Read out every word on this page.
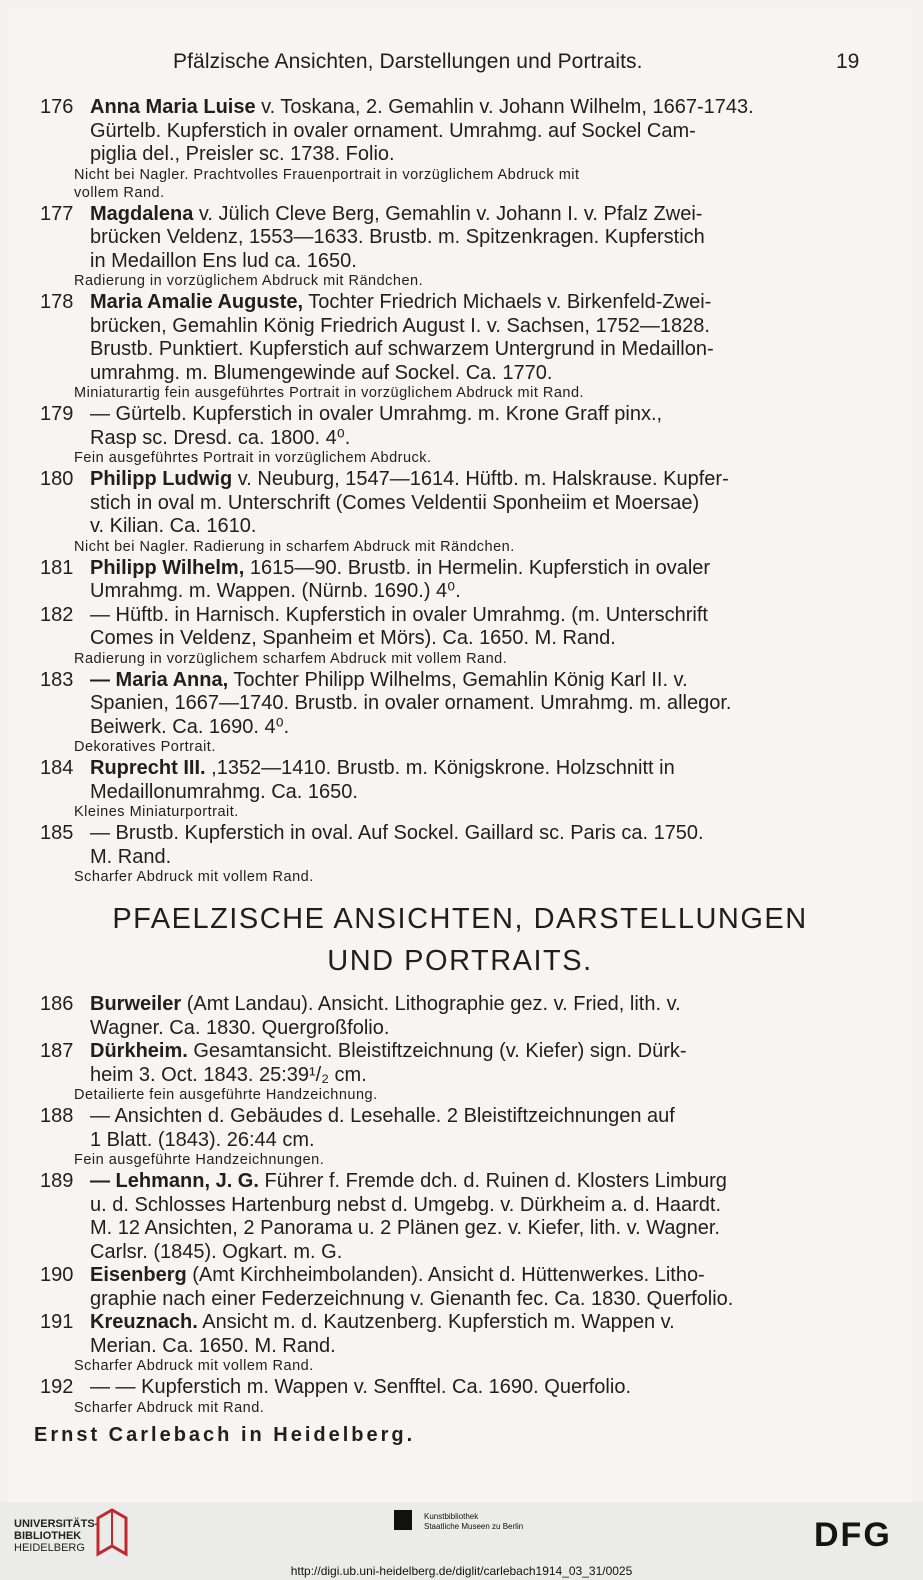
Pfälzische Ansichten, Darstellungen und Portraits.	19
176 Anna Maria Luise v. Toskana, 2. Gemahlin v. Johann Wilhelm, 1667-1743.
Gürtelb. Kupferstich in ovaler ornament. Umrahmg. auf Sockel Cam-
piglia del., Preisler sc. 1738. Folio.
Nicht bei Nagler. Prachtvolles Frauenportrait in vorzüglichem Abdruck mit
vollem Rand.
177 Magdalena v. Jülich Cleve Berg, Gemahlin v. Johann I. v. Pfalz Zwei-
brücken Veldenz, 1553—1633. Brustb. m. Spitzenkragen. Kupferstich
in Medaillon Ens lud ca. 1650.
Radierung in vorzüglichem Abdruck mit Rändchen.
178 Maria Amalie Auguste, Tochter Friedrich Michaels v. Birkenfeld-Zwei-
brücken, Gemahlin König Friedrich August I. v. Sachsen, 1752—1828.
Brustb. Punktiert. Kupferstich auf schwarzem Untergrund in Medaillon-
umrahmg. m. Blumengewinde auf Sockel. Ca. 1770.
Miniaturartig fein ausgeführtes Portrait in vorzüglichem Abdruck mit Rand.
179 — Gürtelb. Kupferstich in ovaler Umrahmg. m. Krone Graff pinx.,
Rasp sc. Dresd. ca. 1800. 4⁰.
Fein ausgeführtes Portrait in vorzüglichem Abdruck.
180 Philipp Ludwig v. Neuburg, 1547—1614. Hüftb. m. Halskrause. Kupfer-
stich in oval m. Unterschrift (Comes Veldentii Sponheiim et Moersae)
v. Kilian. Ca. 1610.
Nicht bei Nagler. Radierung in scharfem Abdruck mit Rändchen.
181 Philipp Wilhelm, 1615—90. Brustb. in Hermelin. Kupferstich in ovaler
Umrahmg. m. Wappen. (Nürnb. 1690.) 4⁰.
182 — Hüftb. in Harnisch. Kupferstich in ovaler Umrahmg. (m. Unterschrift
Comes in Veldenz, Spanheim et Mörs). Ca. 1650. M. Rand.
Radierung in vorzüglichem scharfem Abdruck mit vollem Rand.
183 — Maria Anna, Tochter Philipp Wilhelms, Gemahlin König Karl II. v.
Spanien, 1667—1740. Brustb. in ovaler ornament. Umrahmg. m. allegor.
Beiwerk. Ca. 1690. 4⁰.
Dekoratives Portrait.
184 Ruprecht III. ,1352—1410. Brustb. m. Königskrone. Holzschnitt in
Medaillonumrahmg. Ca. 1650.
Kleines Miniaturportrait.
185 — Brustb. Kupferstich in oval. Auf Sockel. Gaillard sc. Paris ca. 1750.
M. Rand.
Scharfer Abdruck mit vollem Rand.
PFAELZISCHE ANSICHTEN, DARSTELLUNGEN
UND PORTRAITS.
186 Burweiler (Amt Landau). Ansicht. Lithographie gez. v. Fried, lith. v.
Wagner. Ca. 1830. Quergroßfolio.
187 Dürkheim. Gesamtansicht. Bleistiftzeichnung (v. Kiefer) sign. Dürk-
heim 3. Oct. 1843. 25:39¹/₂ cm.
Detailierte fein ausgeführte Handzeichnung.
188 — Ansichten d. Gebäudes d. Lesehalle. 2 Bleistiftzeichnungen auf
1 Blatt. (1843). 26:44 cm.
Fein ausgeführte Handzeichnungen.
189 — Lehmann, J. G. Führer f. Fremde dch. d. Ruinen d. Klosters Limburg
u. d. Schlosses Hartenburg nebst d. Umgebg. v. Dürkheim a. d. Haardt.
M. 12 Ansichten, 2 Panorama u. 2 Plänen gez. v. Kiefer, lith. v. Wagner.
Carlsr. (1845). Ogkart. m. G.
190 Eisenberg (Amt Kirchheimbolanden). Ansicht d. Hüttenwerkes. Litho-
graphie nach einer Federzeichnung v. Gienanth fec. Ca. 1830. Querfolio.
191 Kreuznach. Ansicht m. d. Kautzenberg. Kupferstich m. Wappen v.
Merian. Ca. 1650. M. Rand.
Scharfer Abdruck mit vollem Rand.
192 — — Kupferstich m. Wappen v. Senfftel. Ca. 1690. Querfolio.
Scharfer Abdruck mit Rand.
Ernst Carlebach in Heidelberg.
UNIVERSITÄTS-
BIBLIOTHEK
HEIDELBERG
Kunstbibliothek
Staatliche Museen zu Berlin	DFG
http://digi.ub.uni-heidelberg.de/diglit/carlebach1914_03_31/0025
